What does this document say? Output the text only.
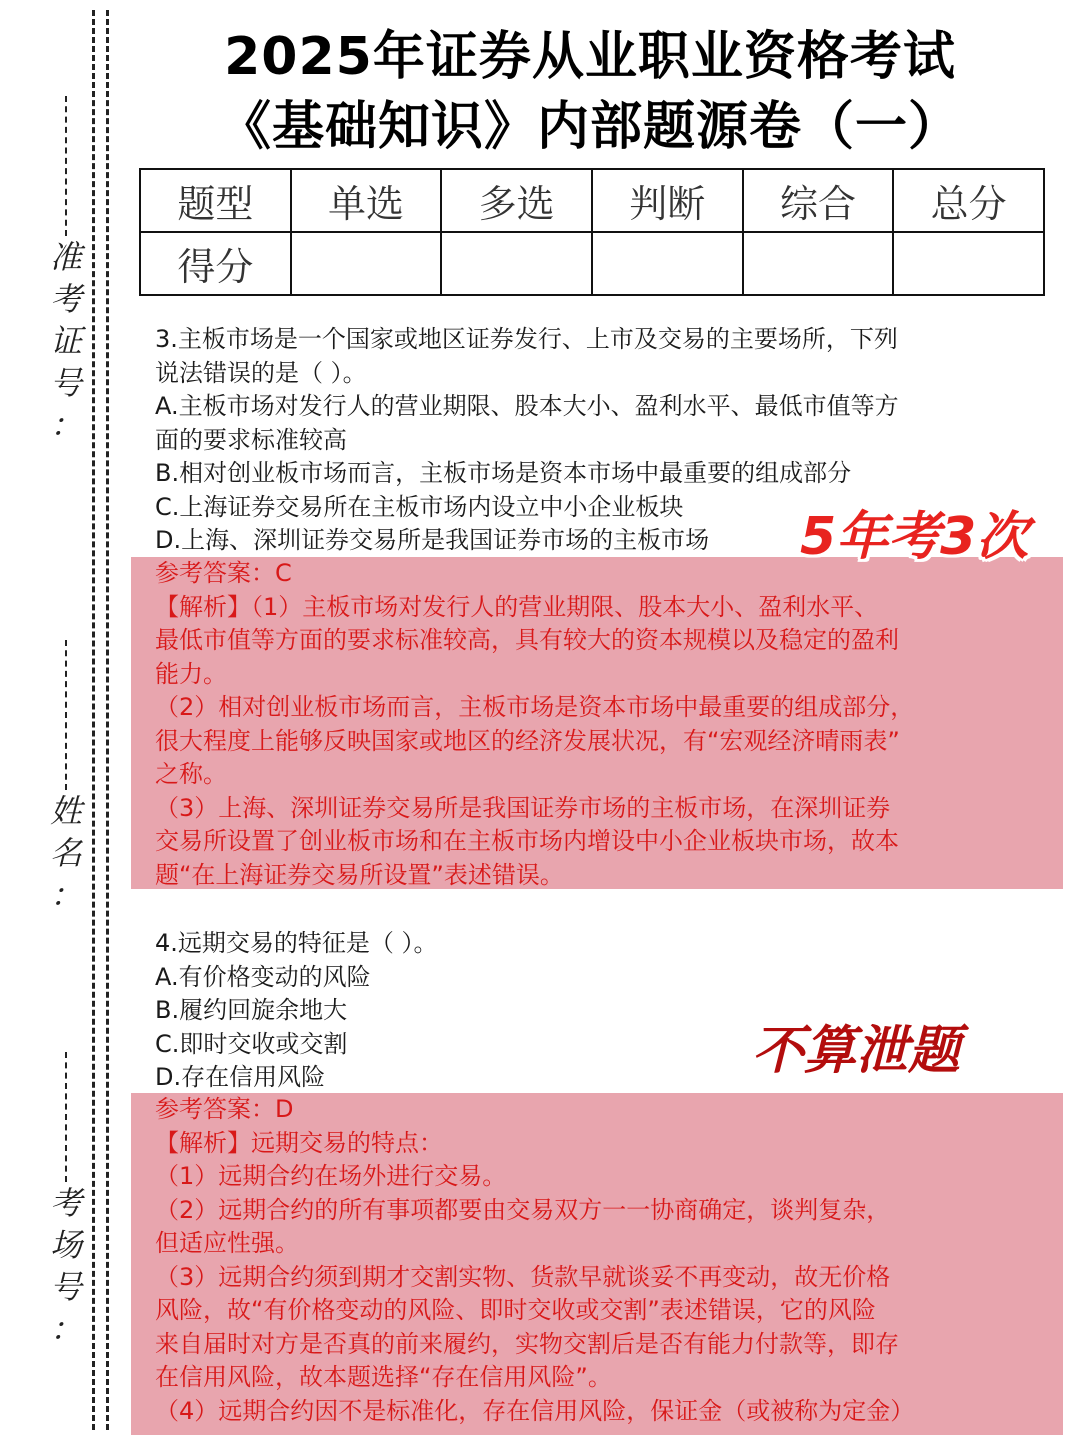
准
考
证
号
：
姓
名
：
考
场
号
：
2025年证券从业职业资格考试
《基础知识》内部题源卷（一）
题型	单选	多选	判断	综合	总分
得分					
3.主板市场是一个国家或地区证券发行、上市及交易的主要场所，下列
说法错误的是（ ）。
A.主板市场对发行人的营业期限、股本大小、盈利水平、最低市值等方
面的要求标准较高
B.相对创业板市场而言，主板市场是资本市场中最重要的组成部分
C.上海证券交易所在主板市场内设立中小企业板块
D.上海、深圳证券交易所是我国证券市场的主板市场
参考答案：C
【解析】（1）主板市场对发行人的营业期限、股本大小、盈利水平、
最低市值等方面的要求标准较高，具有较大的资本规模以及稳定的盈利
能力。
（2）相对创业板市场而言，主板市场是资本市场中最重要的组成部分，
很大程度上能够反映国家或地区的经济发展状况，有“宏观经济晴雨表”
之称。
（3）上海、深圳证券交易所是我国证券市场的主板市场，在深圳证券
交易所设置了创业板市场和在主板市场内增设中小企业板块市场，故本
题“在上海证券交易所设置”表述错误。
4.远期交易的特征是（ ）。
A.有价格变动的风险
B.履约回旋余地大
C.即时交收或交割
D.存在信用风险
参考答案：D
【解析】远期交易的特点：
（1）远期合约在场外进行交易。
（2）远期合约的所有事项都要由交易双方一一协商确定，谈判复杂，
但适应性强。
（3）远期合约须到期才交割实物、货款早就谈妥不再变动，故无价格
风险，故“有价格变动的风险、即时交收或交割”表述错误，它的风险
来自届时对方是否真的前来履约，实物交割后是否有能力付款等，即存
在信用风险，故本题选择“存在信用风险”。
（4）远期合约因不是标准化，存在信用风险，保证金（或被称为定金）
5年考3次
不算泄题
